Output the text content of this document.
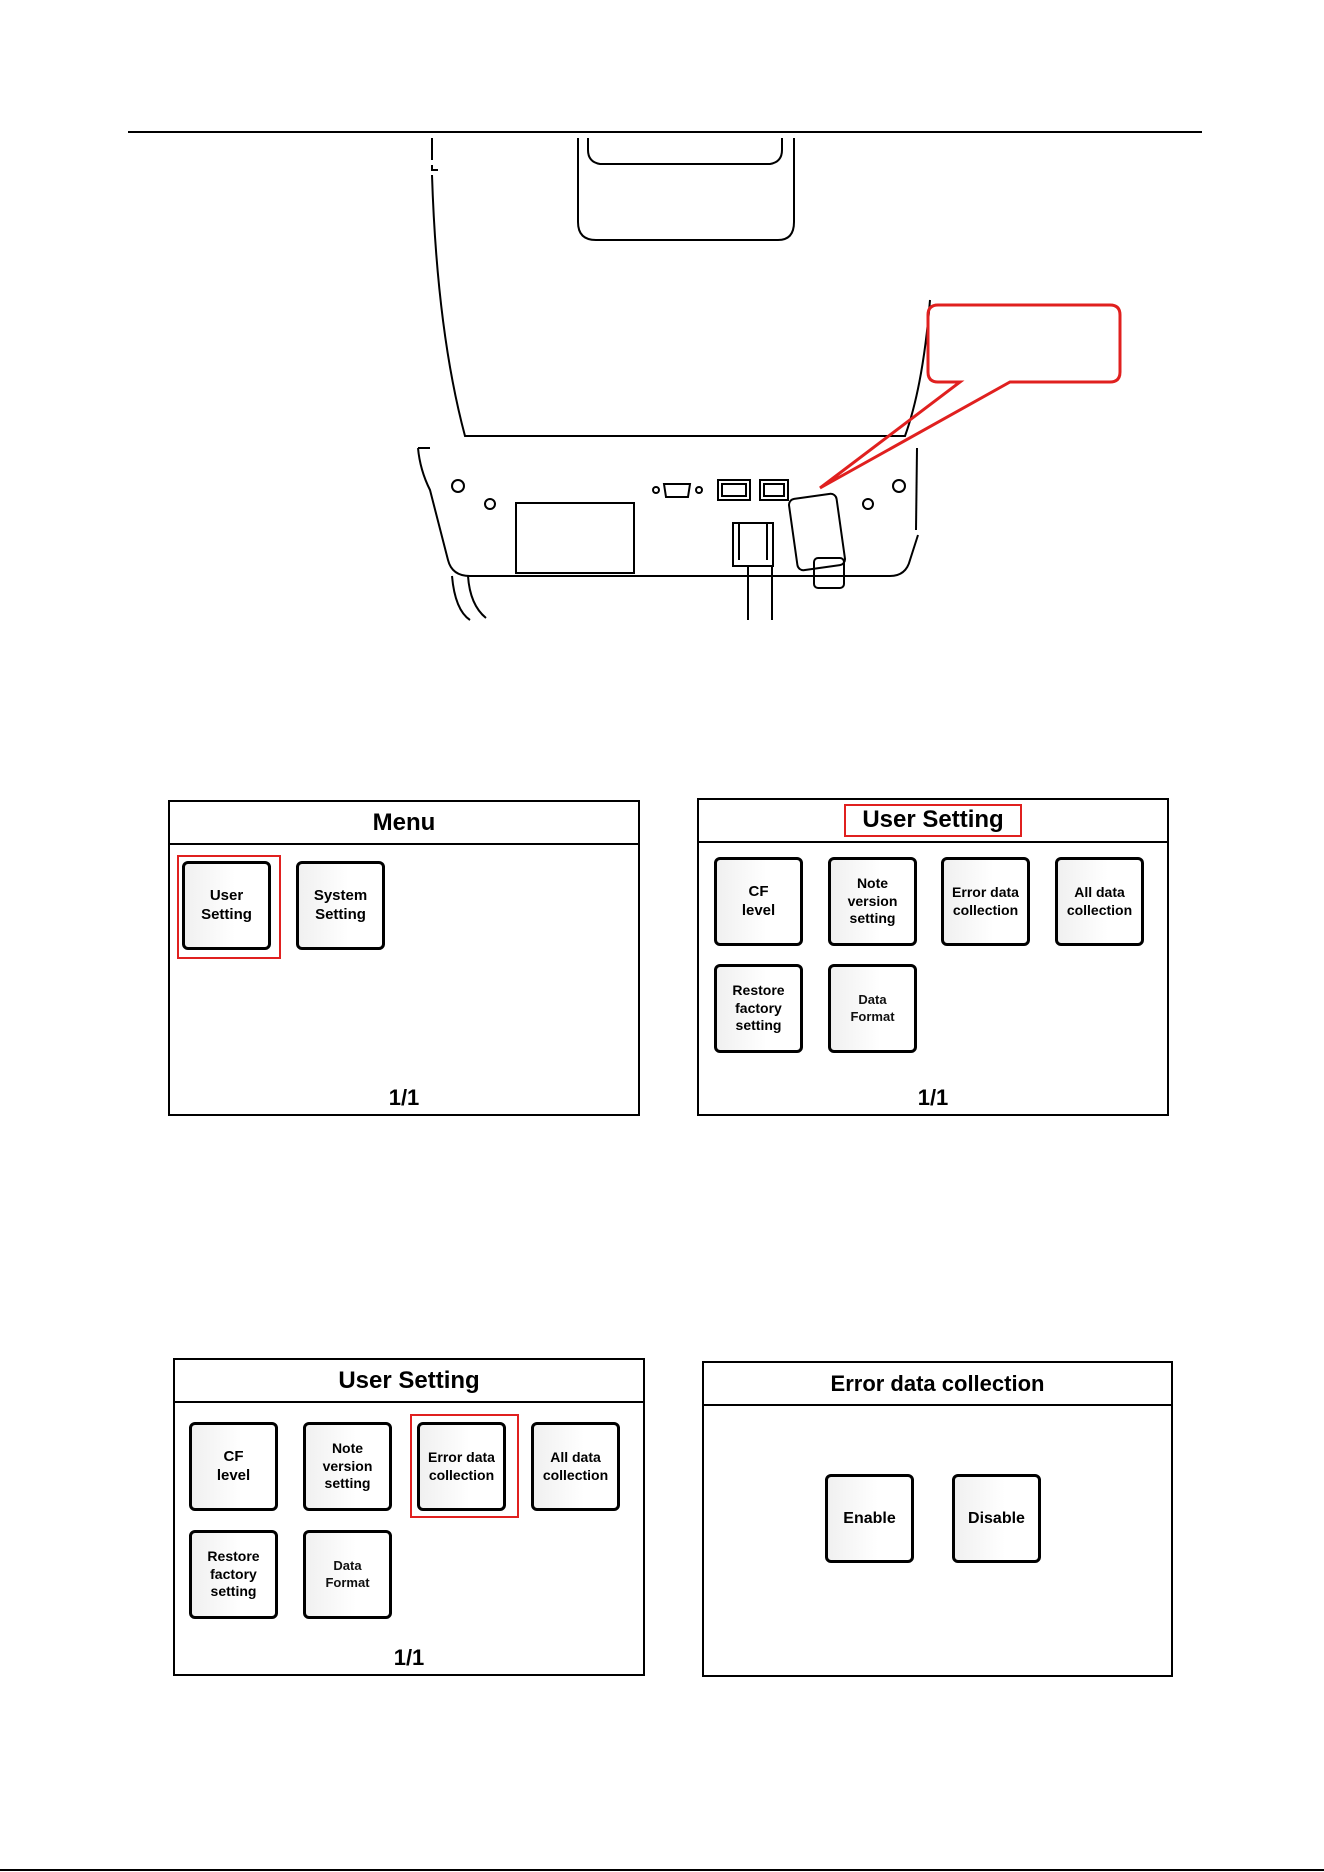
Menu
User
Setting
System
Setting
1/1
User Setting
CF
level
Note
version
setting
Error data
collection
All data
collection
Restore
factory
setting
Data
Format
1/1
User Setting
CF
level
Note
version
setting
Error data
collection
All data
collection
Restore
factory
setting
Data
Format
1/1
Error data collection
Enable	Disable
